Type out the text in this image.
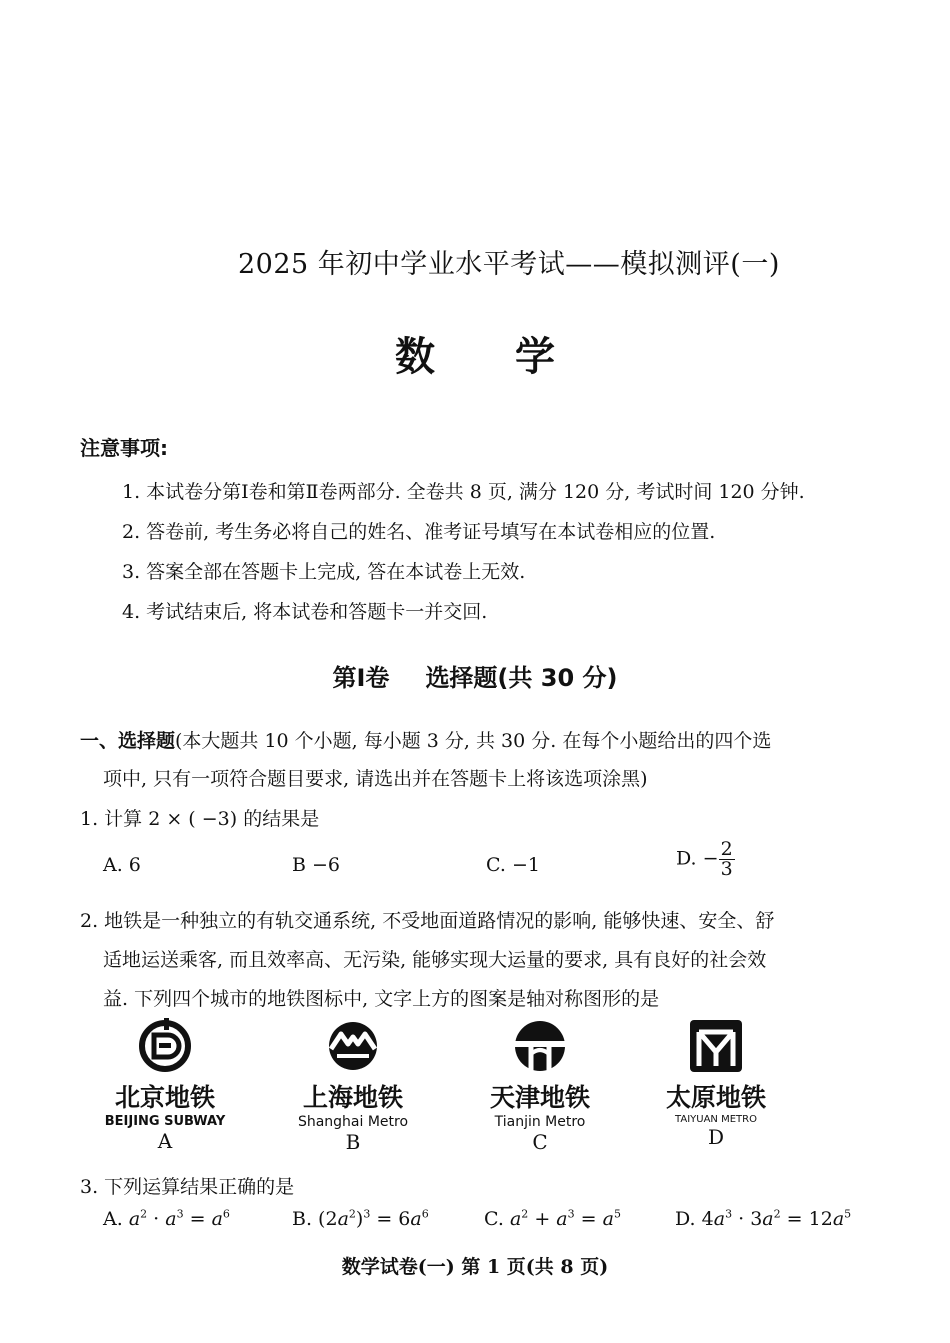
2025 年初中学业水平考试——模拟测评(一)
数学
注意事项:
1. 本试卷分第Ⅰ卷和第Ⅱ卷两部分. 全卷共 8 页, 满分 120 分, 考试时间 120 分钟.
2. 答卷前, 考生务必将自己的姓名、准考证号填写在本试卷相应的位置.
3. 答案全部在答题卡上完成, 答在本试卷上无效.
4. 考试结束后, 将本试卷和答题卡一并交回.
第Ⅰ卷 选择题(共 30 分)
一、选择题(本大题共 10 个小题, 每小题 3 分, 共 30 分. 在每个小题给出的四个选
项中, 只有一项符合题目要求, 请选出并在答题卡上将该选项涂黑)
1. 计算 2 × ( −3) 的结果是
A. 6	B −6	C. −1	D. − $\frac{2}{3}$
2. 地铁是一种独立的有轨交通系统, 不受地面道路情况的影响, 能够快速、安全、舒
适地运送乘客, 而且效率高、无污染, 能够实现大运量的要求, 具有良好的社会效
益. 下列四个城市的地铁图标中, 文字上方的图案是轴对称图形的是
北京地铁
BEIJING SUBWAY
A
上海地铁
Shanghai Metro
B
天津地铁
Tianjin Metro
C
太原地铁
TAIYUAN METRO
D
3. 下列运算结果正确的是
A. $a^2 \cdot a^3 = a^6$	B. $(2a^2)^3 = 6a^6$	C. $a^2 + a^3 = a^5$	D. $4a^3 \cdot 3a^2 = 12a^5$
数学试卷(一) 第 1 页(共 8 页)
